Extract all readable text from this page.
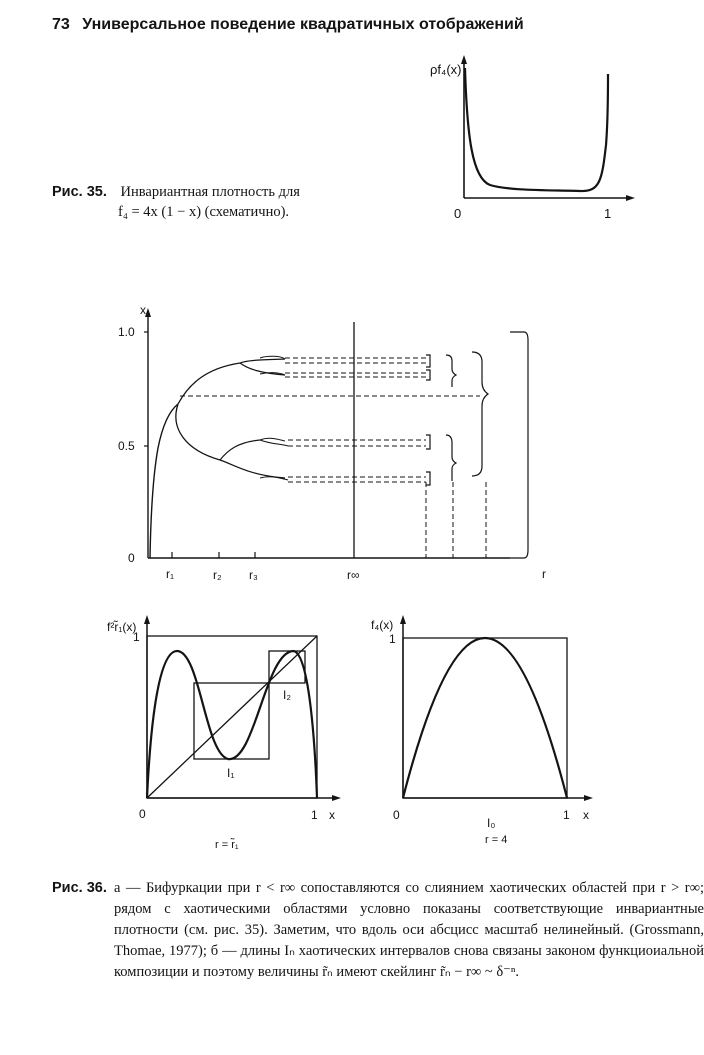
73 Универсальное поведение квадратичных отображений
ρf₄(x)
0	1
Рис. 35. Инвариантная плотность для
f₄ = 4x (1 − x) (схематично).
x
1.0
0.5
0
r
r₁	r₂ r₃	r∞
f²r̃₁(x)
1
0	1 x
I₁
I₂
r = r̃₁
f₄(x)
1
0	1 x
I₀
r = 4
Рис. 36. а — Бифуркации при r < r∞ сопоставляются со слиянием хаотических областей при r > r∞; рядом с хаотическими областями условно показаны соответствующие инвариантные плотности (см. рис. 35). Заметим, что вдоль оси абсцисс масштаб нелинейный. (Grossmann, Thomae, 1977); б — длины Iₙ хаотических интервалов снова связаны законом функциоиальной композиции и поэтому величины r̃ₙ имеют скейлинг r̃ₙ − r∞ ~ δ⁻ⁿ.
